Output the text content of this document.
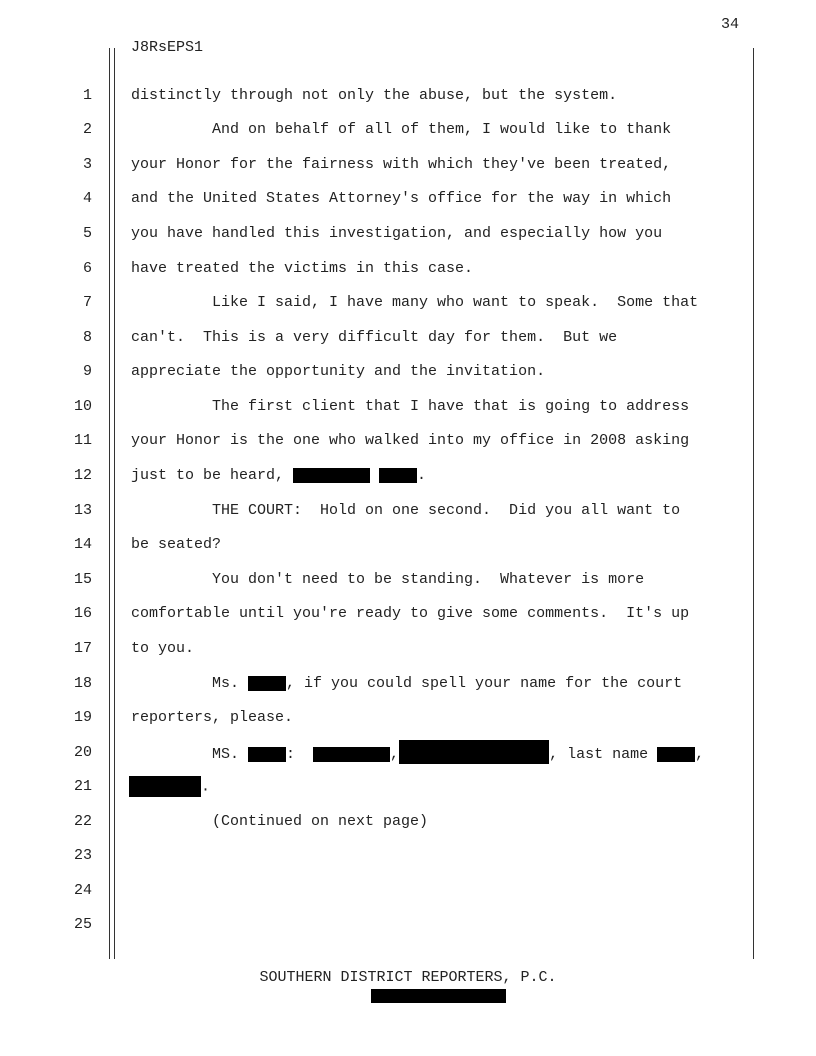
34
J8RsEPS1
1
2
3
4
5
6
7
8
9
10
11
12
13
14
15
16
17
18
19
20
21
22
23
24
25
distinctly through not only the abuse, but the system.
And on behalf of all of them, I would like to thank
your Honor for the fairness with which they've been treated,
and the United States Attorney's office for the way in which
you have handled this investigation, and especially how you
have treated the victims in this case.
Like I said, I have many who want to speak.  Some that
can't.  This is a very difficult day for them.  But we
appreciate the opportunity and the invitation.
The first client that I have that is going to address
your Honor is the one who walked into my office in 2008 asking
just to be heard,	.
THE COURT:  Hold on one second.  Did you all want to
be seated?
You don't need to be standing.  Whatever is more
comfortable until you're ready to give some comments.  It's up
to you.
Ms.	, if you could spell your name for the court
reporters, please.
MS.	:	,	, last name	,
.
(Continued on next page)
SOUTHERN DISTRICT REPORTERS, P.C.
